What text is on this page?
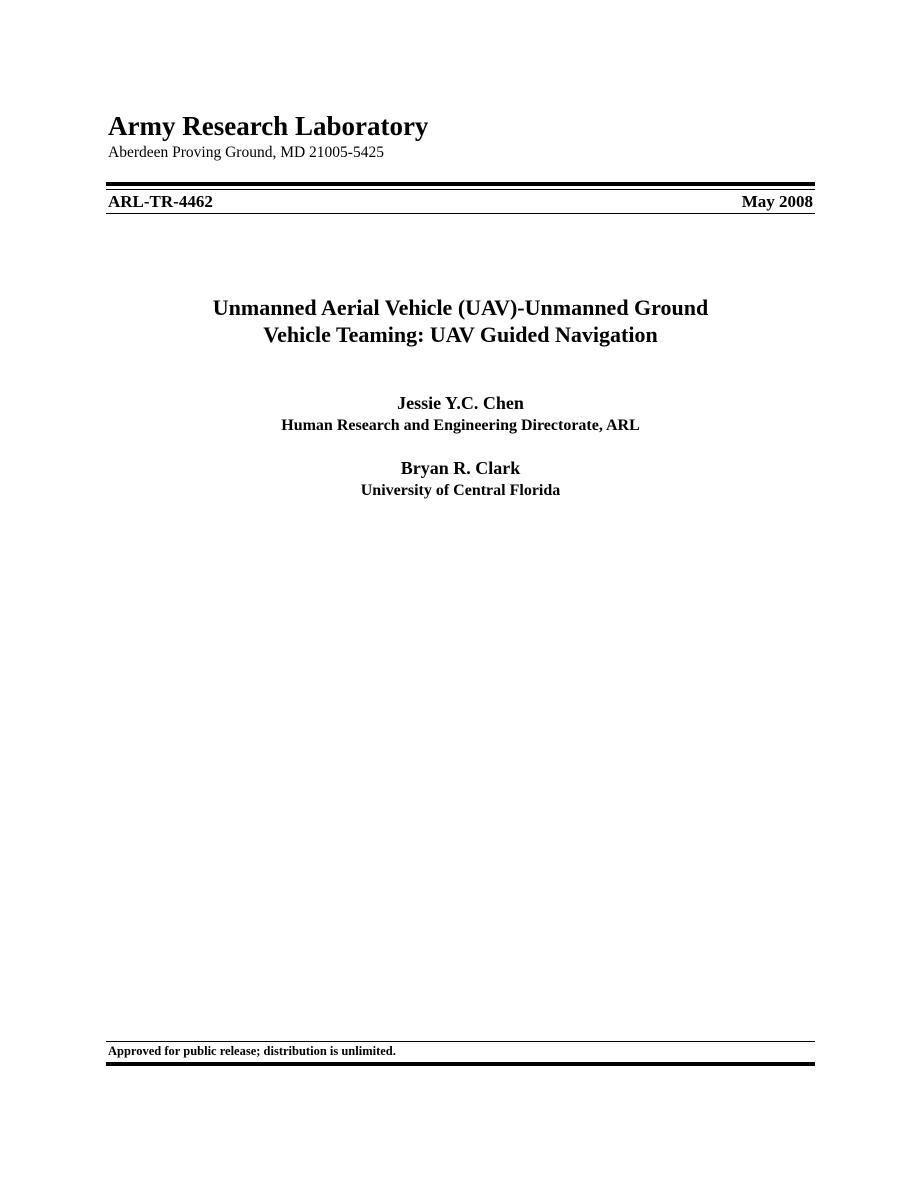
Army Research Laboratory
Aberdeen Proving Ground, MD 21005-5425
ARL-TR-4462	May 2008
Unmanned Aerial Vehicle (UAV)-Unmanned Ground
Vehicle Teaming: UAV Guided Navigation
Jessie Y.C. Chen
Human Research and Engineering Directorate, ARL
Bryan R. Clark
University of Central Florida
Approved for public release; distribution is unlimited.
